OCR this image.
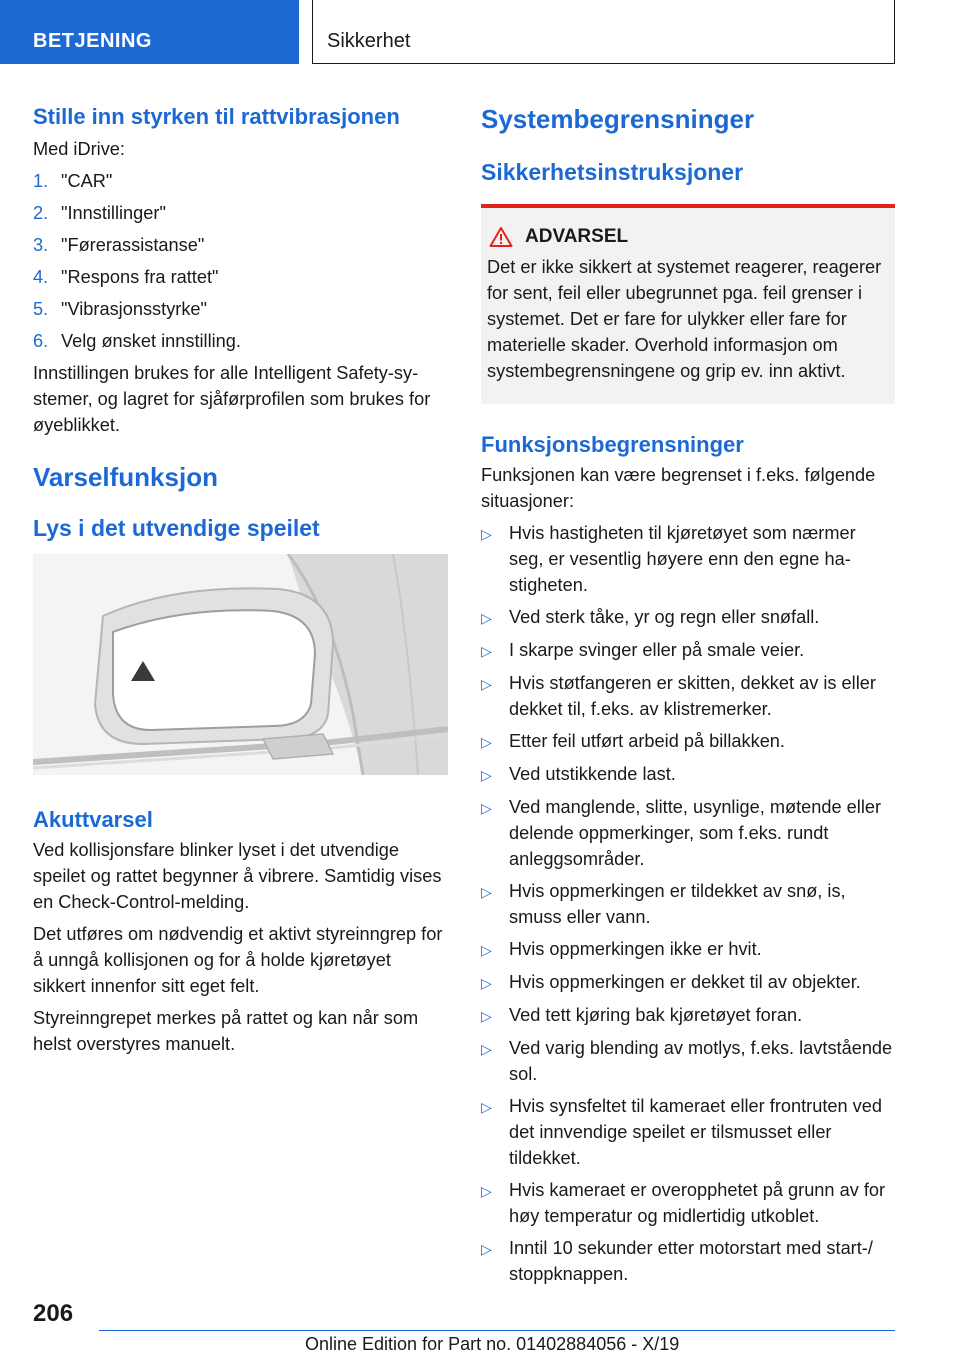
BETJENING	Sikkerhet
Stille inn styrken til rattvibrasjonen
Med iDrive:
1. "CAR"
2. "Innstillinger"
3. "Førerassistanse"
4. "Respons fra rattet"
5. "Vibrasjonsstyrke"
6. Velg ønsket innstilling.
Innstillingen brukes for alle Intelligent Safety-systemer, og lagret for sjåførprofilen som brukes for øyeblikket.
Varselfunksjon
Lys i det utvendige speilet
Akuttvarsel
Ved kollisjonsfare blinker lyset i det utvendige speilet og rattet begynner å vibrere. Samtidig vises en Check-Control-melding.
Det utføres om nødvendig et aktivt styreinngrep for å unngå kollisjonen og for å holde kjøretøyet sikkert innenfor sitt eget felt.
Styreinngrepet merkes på rattet og kan når som helst overstyres manuelt.
Systembegrensninger
Sikkerhetsinstruksjoner
ADVARSEL
Det er ikke sikkert at systemet reagerer, reagerer for sent, feil eller ubegrunnet pga. feil grenser i systemet. Det er fare for ulykker eller fare for materielle skader. Overhold informasjon om systembegrensningene og grip ev. inn aktivt.
Funksjonsbegrensninger
Funksjonen kan være begrenset i f.eks. følgende situasjoner:
▷ Hvis hastigheten til kjøretøyet som nærmer seg, er vesentlig høyere enn den egne hastigheten.
▷ Ved sterk tåke, yr og regn eller snøfall.
▷ I skarpe svinger eller på smale veier.
▷ Hvis støtfangeren er skitten, dekket av is eller dekket til, f.eks. av klistremerker.
▷ Etter feil utført arbeid på billakken.
▷ Ved utstikkende last.
▷ Ved manglende, slitte, usynlige, møtende eller delende oppmerkinger, som f.eks. rundt anleggsområder.
▷ Hvis oppmerkingen er tildekket av snø, is, smuss eller vann.
▷ Hvis oppmerkingen ikke er hvit.
▷ Hvis oppmerkingen er dekket til av objekter.
▷ Ved tett kjøring bak kjøretøyet foran.
▷ Ved varig blending av motlys, f.eks. lavtstående sol.
▷ Hvis synsfeltet til kameraet eller frontruten ved det innvendige speilet er tilsmusset eller tildekket.
▷ Hvis kameraet er overopphetet på grunn av for høy temperatur og midlertidig utkoblet.
▷ Inntil 10 sekunder etter motorstart med start-/ stoppknappen.
206
Online Edition for Part no. 01402884056 - X/19
